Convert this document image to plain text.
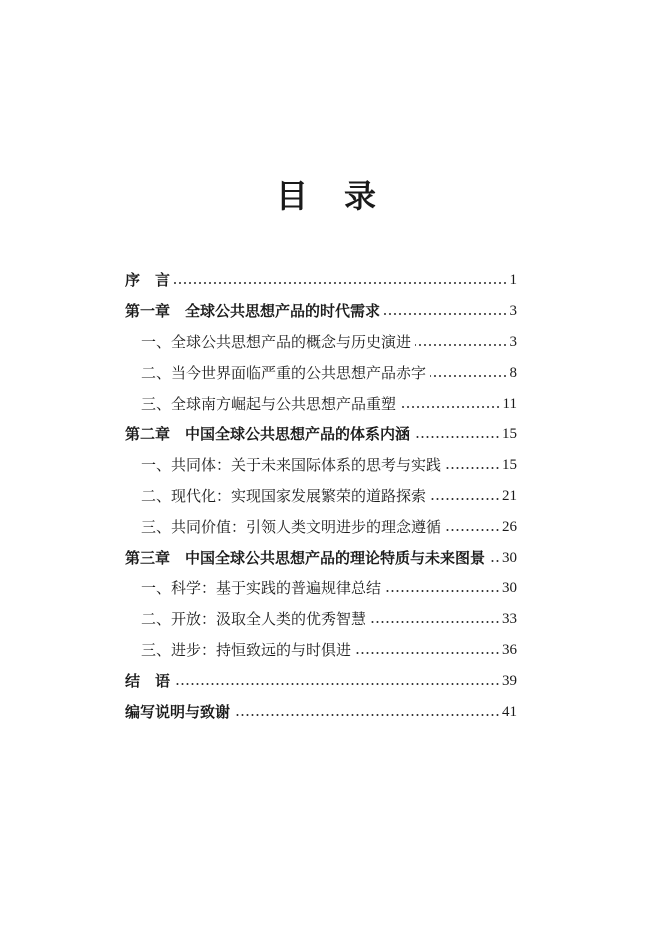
目　录
序　言	1
第一章　全球公共思想产品的时代需求	3
一、全球公共思想产品的概念与历史演进	3
二、当今世界面临严重的公共思想产品赤字	8
三、全球南方崛起与公共思想产品重塑	11
第二章　中国全球公共思想产品的体系内涵	15
一、共同体：关于未来国际体系的思考与实践	15
二、现代化：实现国家发展繁荣的道路探索	21
三、共同价值：引领人类文明进步的理念遵循	26
第三章　中国全球公共思想产品的理论特质与未来图景 30
一、科学：基于实践的普遍规律总结	30
二、开放：汲取全人类的优秀智慧	33
三、进步：持恒致远的与时俱进	36
结　语	39
编写说明与致谢	41
